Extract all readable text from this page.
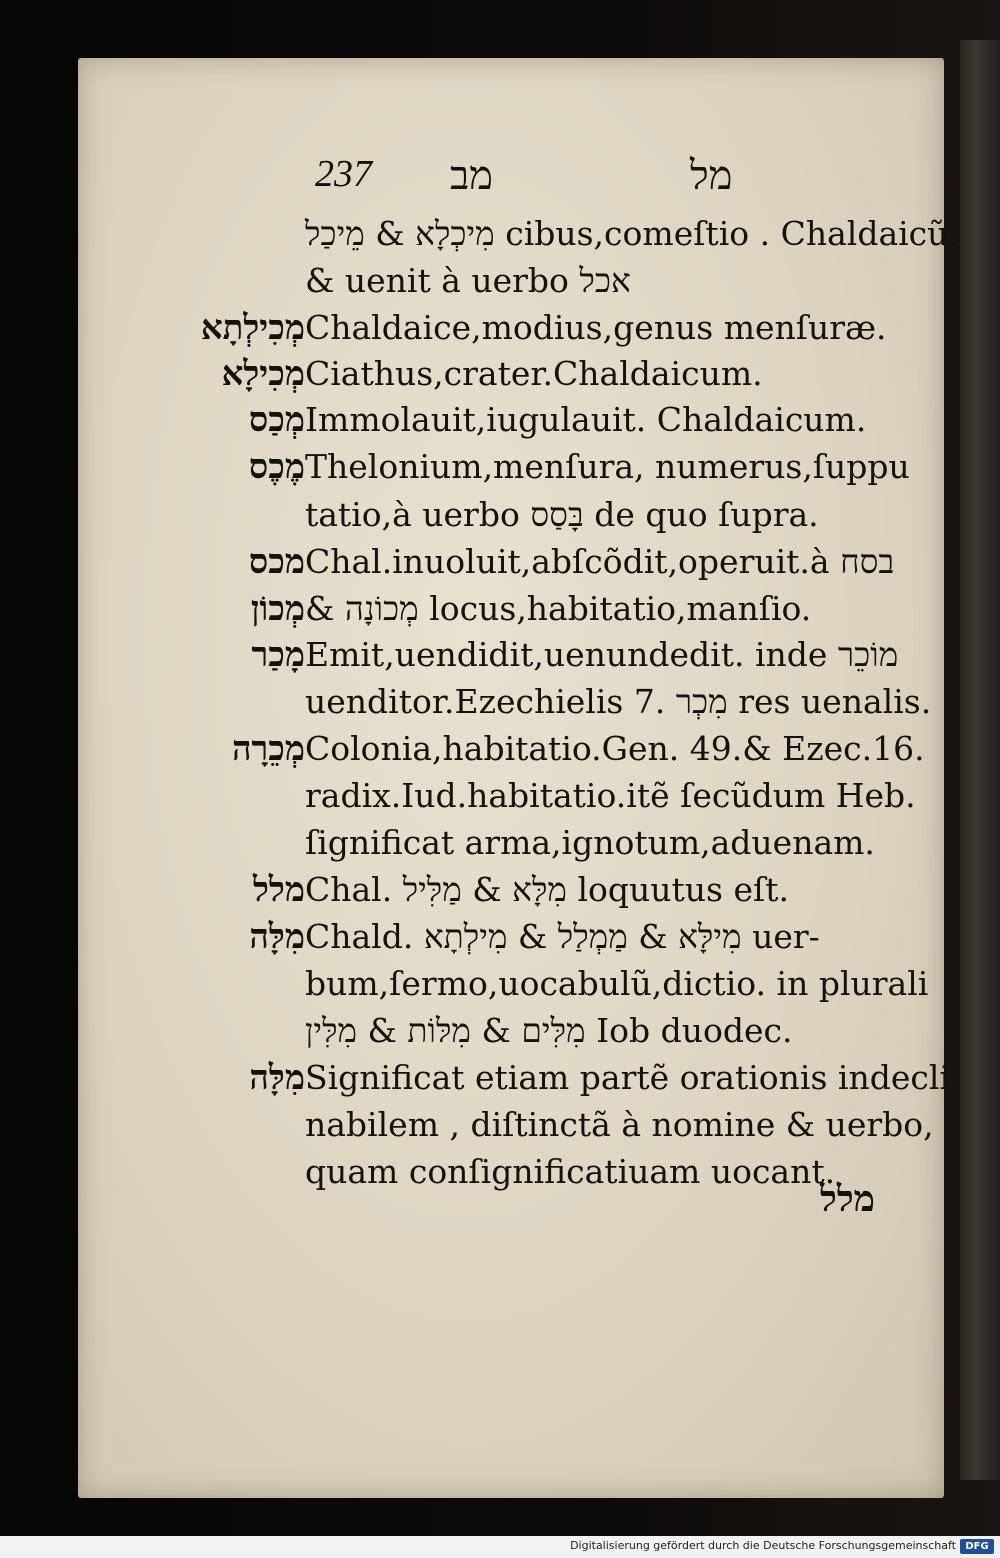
237 מב	מל
מִיכְלָא & מֵיכַל cibus,comeſtio . Chaldaicũ.
& uenit à uerbo אכל
מְכִילְתָא Chaldaice,modius,genus menſuræ.
מְכִילָא Ciathus,crater.Chaldaicum.
מְכַס Immolauit,iugulauit. Chaldaicum.
מֶכֶס Thelonium,menſura, numerus,ſuppu
tatio,à uerbo בָּסַס de quo ſupra.
מכס Chal.inuoluit,abſcõdit,operuit.à בסח
מְכוֹן & מְכוֹנָה locus,habitatio,manſio.
מָכַר Emit,uendidit,uenundedit. inde מוֹכֵר
uenditor.Ezechielis 7. מִכְר res uenalis.
מְכֵרָה Colonia,habitatio.Gen. 49.& Ezec.16.
radix.Iud.habitatio.itẽ ſecũdum Heb.
ſignificat arma,ignotum,aduenam.
מלל Chal. מִלָּא & מַלִּיל loquutus eſt.
מִלָּה Chald. מִילָּא & מַמְלַל & מִילְתָא uer-
bum,ſermo,uocabulũ,dictio. in plurali
מִלִּים & מִלּוֹת & מִלִּין Iob duodec.
מִלָּה Significat etiam partẽ orationis indecli
nabilem , diſtinctã à nomine & uerbo,
quam conſignificatiuam uocant.
מלל
Digitalisierung gefördert durch die Deutsche Forschungsgemeinschaft DFG
